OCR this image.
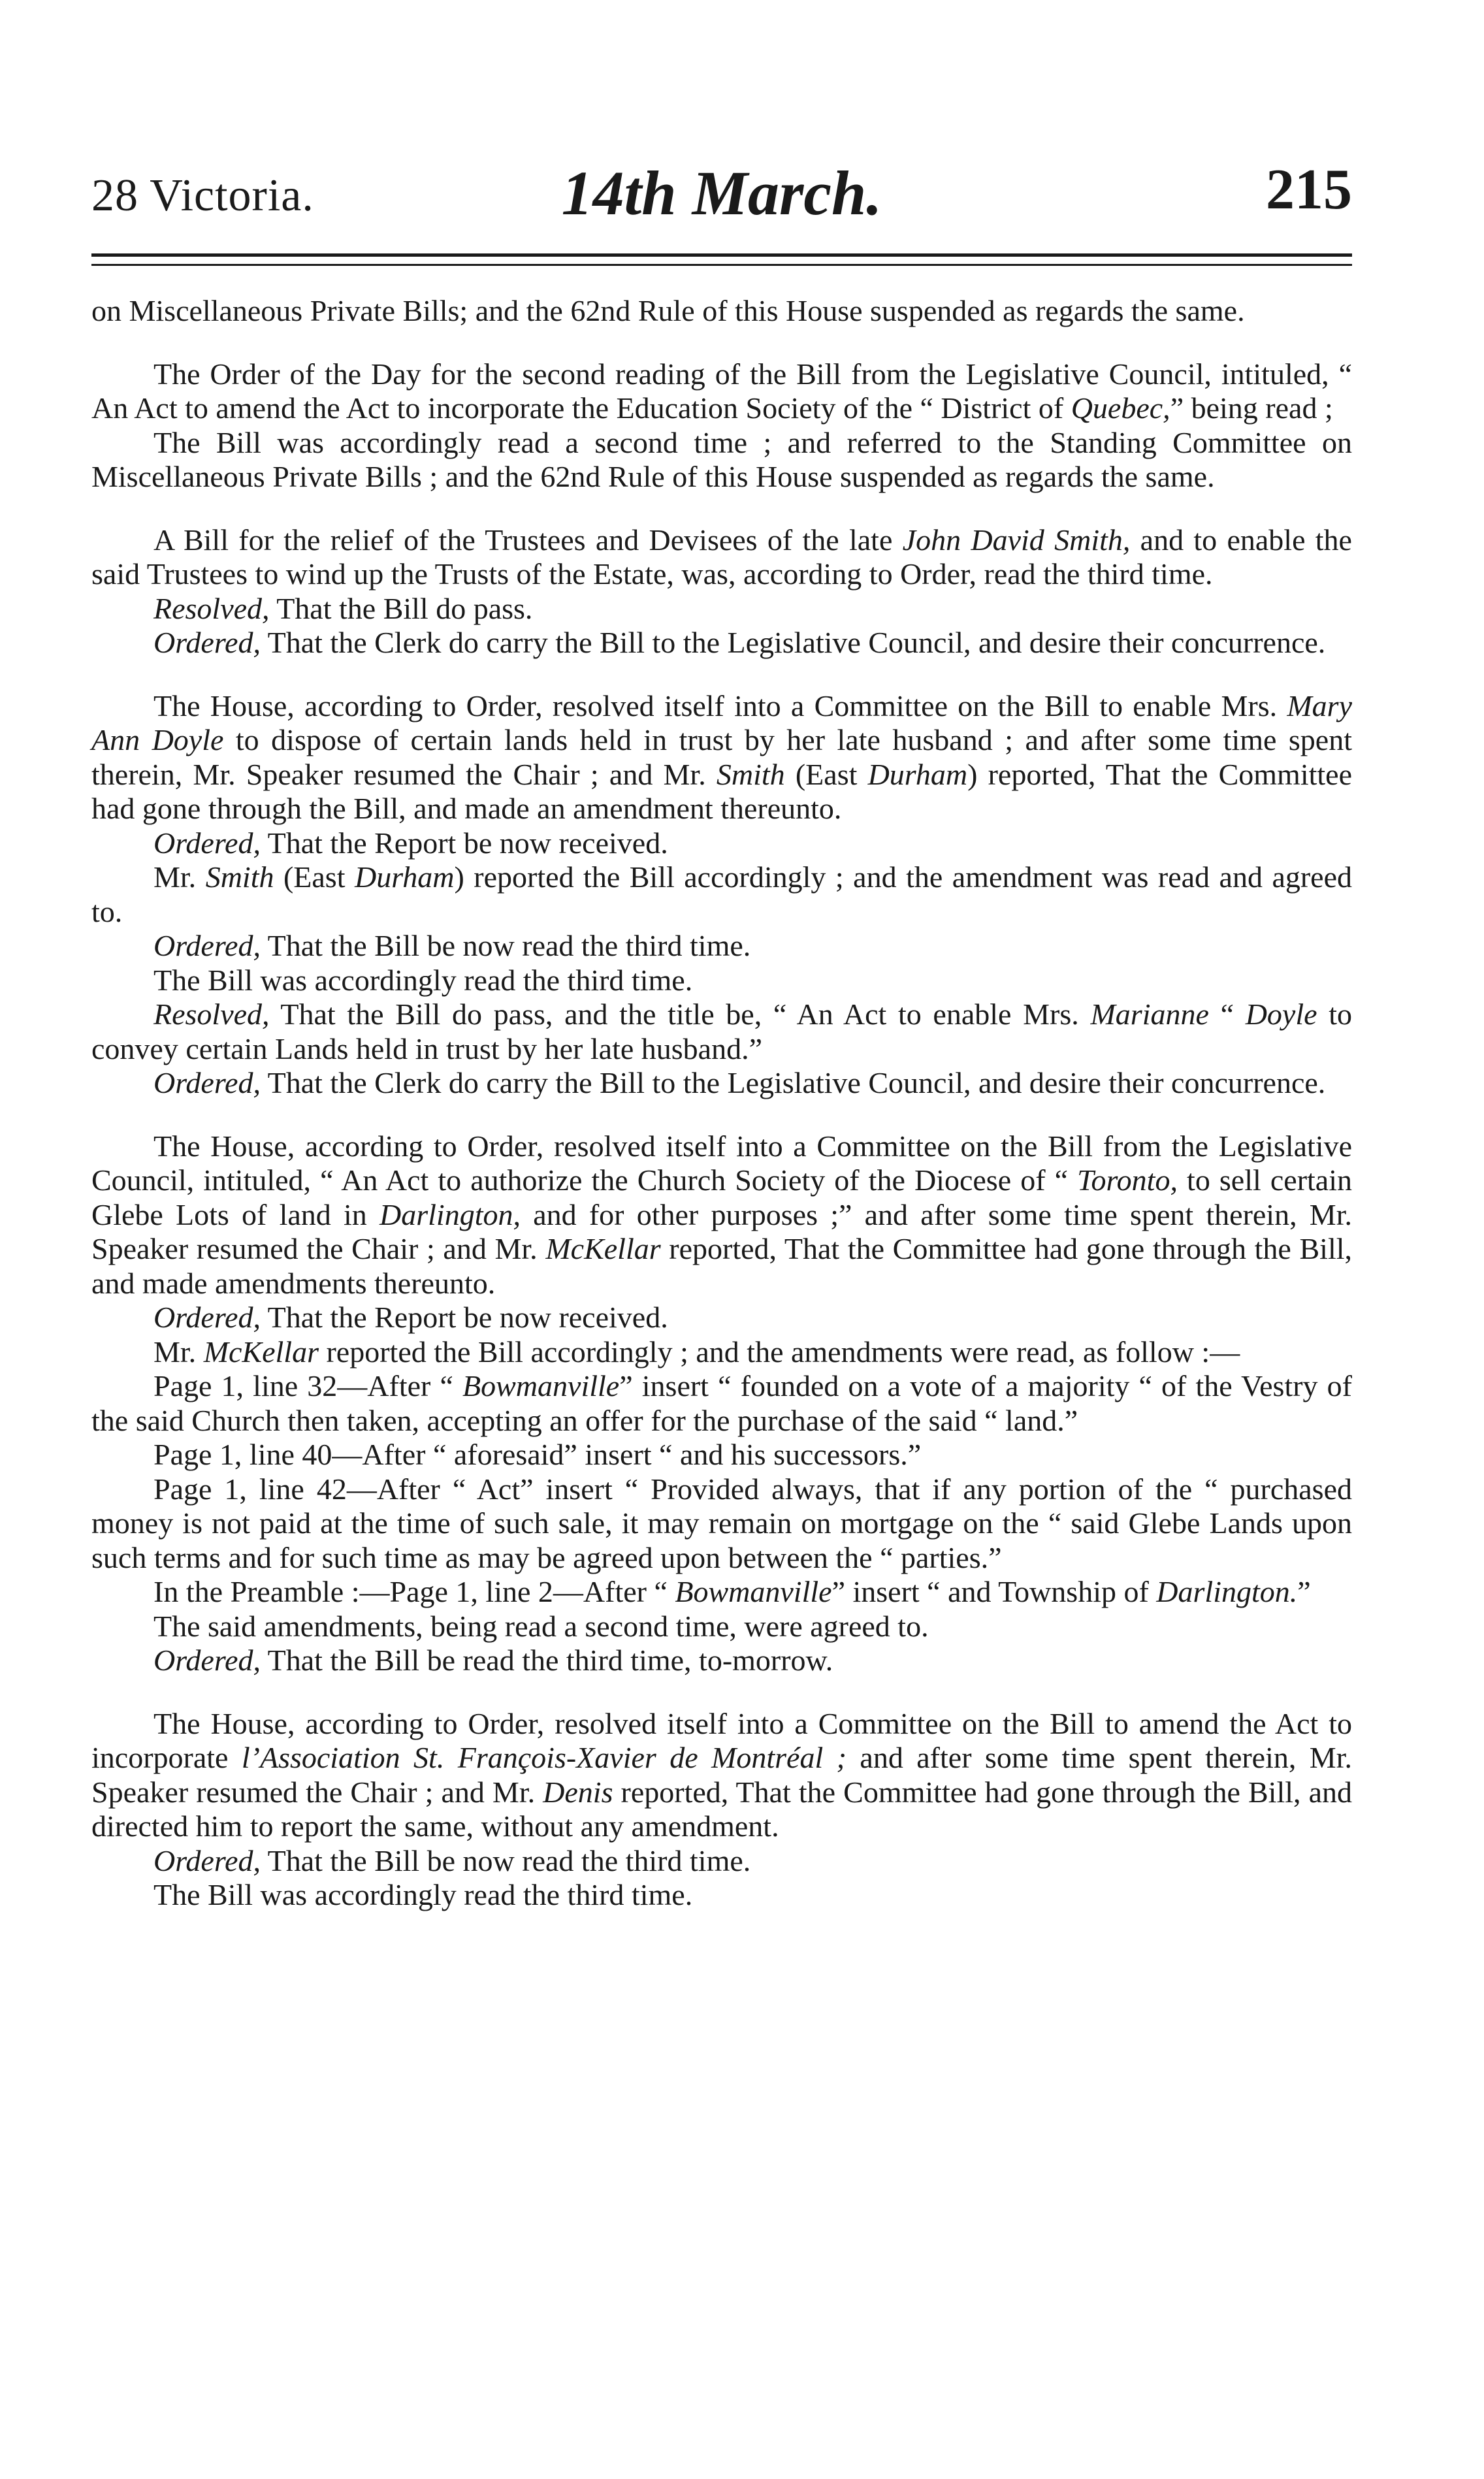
28 Victoria.	14th March.	215

on Miscellaneous Private Bills; and the 62nd Rule of this House suspended as regards the same.

The Order of the Day for the second reading of the Bill from the Legislative Council, intituled, “ An Act to amend the Act to incorporate the Education Society of the “ District of Quebec,” being read ;

The Bill was accordingly read a second time ; and referred to the Standing Committee on Miscellaneous Private Bills ; and the 62nd Rule of this House suspended as regards the same.

A Bill for the relief of the Trustees and Devisees of the late John David Smith, and to enable the said Trustees to wind up the Trusts of the Estate, was, according to Order, read the third time.

Resolved, That the Bill do pass.

Ordered, That the Clerk do carry the Bill to the Legislative Council, and desire their concurrence.

The House, according to Order, resolved itself into a Committee on the Bill to enable Mrs. Mary Ann Doyle to dispose of certain lands held in trust by her late husband ; and after some time spent therein, Mr. Speaker resumed the Chair ; and Mr. Smith (East Durham) reported, That the Committee had gone through the Bill, and made an amendment thereunto.

Ordered, That the Report be now received.

Mr. Smith (East Durham) reported the Bill accordingly ; and the amendment was read and agreed to.

Ordered, That the Bill be now read the third time.

The Bill was accordingly read the third time.

Resolved, That the Bill do pass, and the title be, “ An Act to enable Mrs. Marianne “ Doyle to convey certain Lands held in trust by her late husband.”

Ordered, That the Clerk do carry the Bill to the Legislative Council, and desire their concurrence.

The House, according to Order, resolved itself into a Committee on the Bill from the Legislative Council, intituled, “ An Act to authorize the Church Society of the Diocese of “ Toronto, to sell certain Glebe Lots of land in Darlington, and for other purposes ;” and after some time spent therein, Mr. Speaker resumed the Chair ; and Mr. McKellar reported, That the Committee had gone through the Bill, and made amendments thereunto.

Ordered, That the Report be now received.

Mr. McKellar reported the Bill accordingly ; and the amendments were read, as follow :—

Page 1, line 32—After “ Bowmanville” insert “ founded on a vote of a majority “ of the Vestry of the said Church then taken, accepting an offer for the purchase of the said “ land.”

Page 1, line 40—After “ aforesaid” insert “ and his successors.”

Page 1, line 42—After “ Act” insert “ Provided always, that if any portion of the “ purchased money is not paid at the time of such sale, it may remain on mortgage on the “ said Glebe Lands upon such terms and for such time as may be agreed upon between the “ parties.”

In the Preamble :—Page 1, line 2—After “ Bowmanville” insert “ and Township of Darlington.”

The said amendments, being read a second time, were agreed to.

Ordered, That the Bill be read the third time, to-morrow.

The House, according to Order, resolved itself into a Committee on the Bill to amend the Act to incorporate l’Association St. François-Xavier de Montréal ; and after some time spent therein, Mr. Speaker resumed the Chair ; and Mr. Denis reported, That the Committee had gone through the Bill, and directed him to report the same, without any amendment.

Ordered, That the Bill be now read the third time.

The Bill was accordingly read the third time.
